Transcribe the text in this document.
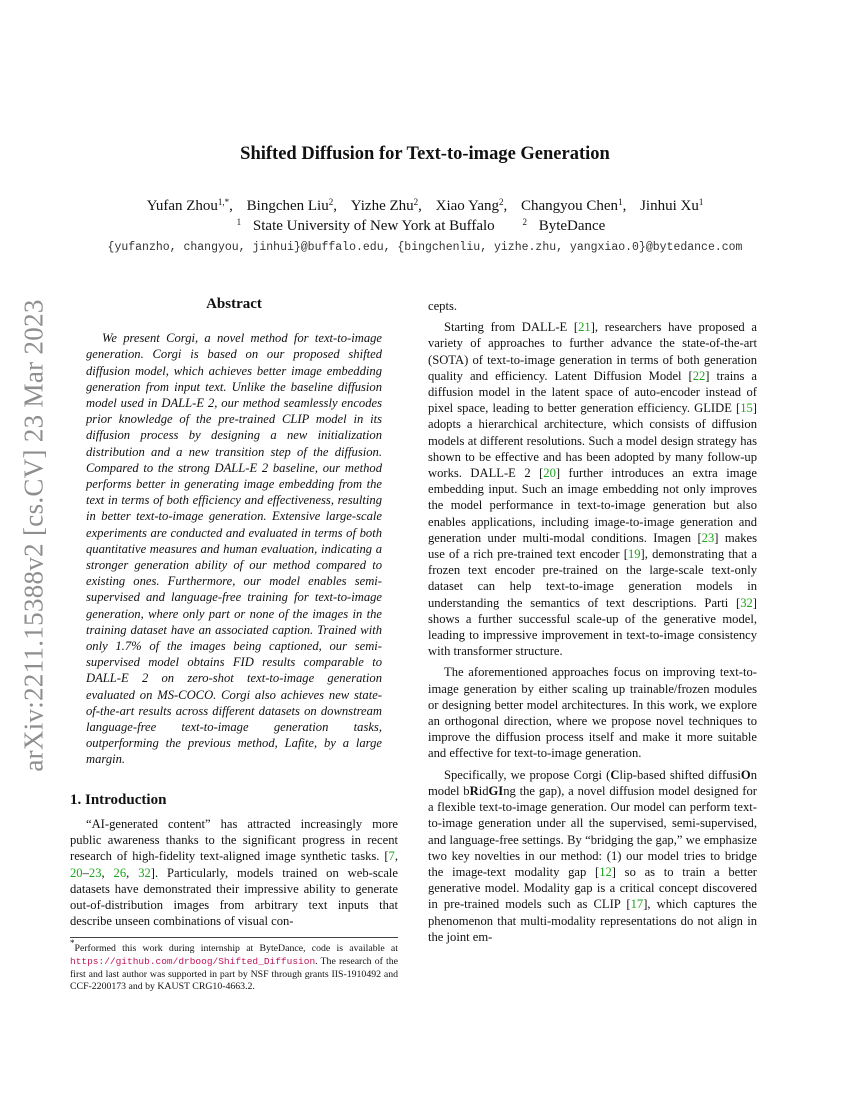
arXiv:2211.15388v2 [cs.CV] 23 Mar 2023
Shifted Diffusion for Text-to-image Generation
Yufan Zhou$^{1,*}$, Bingchen Liu$^2$, Yizhe Zhu$^2$, Xiao Yang$^2$, Changyou Chen$^1$, Jinhui Xu$^1$
$^1$ State University of New York at Buffalo	$^2$ ByteDance
{yufanzho, changyou, jinhui}@buffalo.edu, {bingchenliu, yizhe.zhu, yangxiao.0}@bytedance.com
Abstract

We present Corgi, a novel method for text-to-image generation. Corgi is based on our proposed shifted diffusion model, which achieves better image embedding generation from input text. Unlike the baseline diffusion model used in DALL-E 2, our method seamlessly encodes prior knowledge of the pre-trained CLIP model in its diffusion process by designing a new initialization distribution and a new transition step of the diffusion. Compared to the strong DALL-E 2 baseline, our method performs better in generating image embedding from the text in terms of both efficiency and effectiveness, resulting in better text-to-image generation. Extensive large-scale experiments are conducted and evaluated in terms of both quantitative measures and human evaluation, indicating a stronger generation ability of our method compared to existing ones. Furthermore, our model enables semi-supervised and language-free training for text-to-image generation, where only part or none of the images in the training dataset have an associated caption. Trained with only 1.7% of the images being captioned, our semi-supervised model obtains FID results comparable to DALL-E 2 on zero-shot text-to-image generation evaluated on MS-COCO. Corgi also achieves new state-of-the-art results across different datasets on downstream language-free text-to-image generation tasks, outperforming the previous method, Lafite, by a large margin.

1. Introduction

“AI-generated content” has attracted increasingly more public awareness thanks to the significant progress in recent research of high-fidelity text-aligned image synthetic tasks. [7, 20–23, 26, 32]. Particularly, models trained on web-scale datasets have demonstrated their impressive ability to generate out-of-distribution images from arbitrary text inputs that describe unseen combinations of visual con-

*Performed this work during internship at ByteDance, code is available at https://github.com/drboog/Shifted_Diffusion. The research of the first and last author was supported in part by NSF through grants IIS-1910492 and CCF-2200173 and by KAUST CRG10-4663.2.

cepts.

Starting from DALL-E [21], researchers have proposed a variety of approaches to further advance the state-of-the-art (SOTA) of text-to-image generation in terms of both generation quality and efficiency. Latent Diffusion Model [22] trains a diffusion model in the latent space of auto-encoder instead of pixel space, leading to better generation efficiency. GLIDE [15] adopts a hierarchical architecture, which consists of diffusion models at different resolutions. Such a model design strategy has shown to be effective and has been adopted by many follow-up works. DALL-E 2 [20] further introduces an extra image embedding input. Such an image embedding not only improves the model performance in text-to-image generation but also enables applications, including image-to-image generation and generation under multi-modal conditions. Imagen [23] makes use of a rich pre-trained text encoder [19], demonstrating that a frozen text encoder pre-trained on the large-scale text-only dataset can help text-to-image generation models in understanding the semantics of text descriptions. Parti [32] shows a further successful scale-up of the generative model, leading to impressive improvement in text-to-image consistency with transformer structure.

The aforementioned approaches focus on improving text-to-image generation by either scaling up trainable/frozen modules or designing better model architectures. In this work, we explore an orthogonal direction, where we propose novel techniques to improve the diffusion process itself and make it more suitable and effective for text-to-image generation.

Specifically, we propose Corgi (Clip-based shifted diffusiOn model bRidGIng the gap), a novel diffusion model designed for a flexible text-to-image generation. Our model can perform text-to-image generation under all the supervised, semi-supervised, and language-free settings. By “bridging the gap,” we emphasize two key novelties in our method: (1) our model tries to bridge the image-text modality gap [12] so as to train a better generative model. Modality gap is a critical concept discovered in pre-trained models such as CLIP [17], which captures the phenomenon that multi-modality representations do not align in the joint em-
